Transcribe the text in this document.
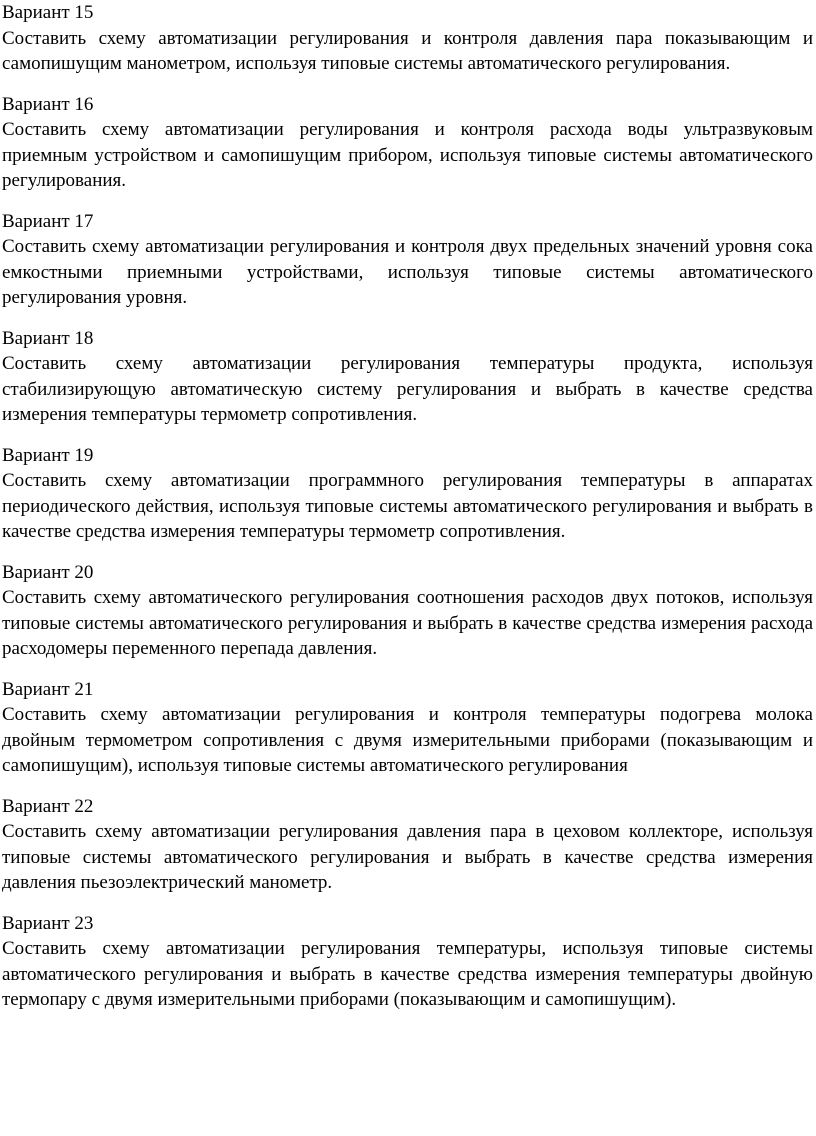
Вариант 15
Составить схему автоматизации регулирования и контроля давления пара показывающим и самопишущим манометром, используя типовые системы автоматического регулирования.
Вариант 16
Составить схему автоматизации регулирования и контроля расхода воды ультразвуковым приемным устройством и самопишущим прибором, используя типовые системы автоматического регулирования.
Вариант 17
Составить схему автоматизации регулирования и контроля двух предельных значений уровня сока емкостными приемными устройствами, используя типовые системы автоматического регулирования уровня.
Вариант 18
Составить схему автоматизации регулирования температуры продукта, используя стабилизирующую автоматическую систему регулирования и выбрать в качестве средства измерения температуры термометр сопротивления.
Вариант 19
Составить схему автоматизации программного регулирования температуры в аппаратах периодического действия, используя типовые системы автоматического регулирования и выбрать в качестве средства измерения температуры термометр сопротивления.
Вариант 20
Составить схему автоматического регулирования соотношения расходов двух потоков, используя типовые системы автоматического регулирования и выбрать в качестве средства измерения расхода расходомеры переменного перепада давления.
Вариант 21
Составить схему автоматизации регулирования и контроля температуры подогрева молока двойным термометром сопротивления с двумя измерительными приборами (показывающим и самопишущим), используя типовые системы автоматического регулирования
Вариант 22
Составить схему автоматизации регулирования давления пара в цеховом коллекторе, используя типовые системы автоматического регулирования и выбрать в качестве средства измерения давления пьезоэлектрический манометр.
Вариант 23
Составить схему автоматизации регулирования температуры, используя типовые системы автоматического регулирования и выбрать в качестве средства измерения температуры двойную термопару с двумя измерительными приборами (показывающим и самопишущим).
